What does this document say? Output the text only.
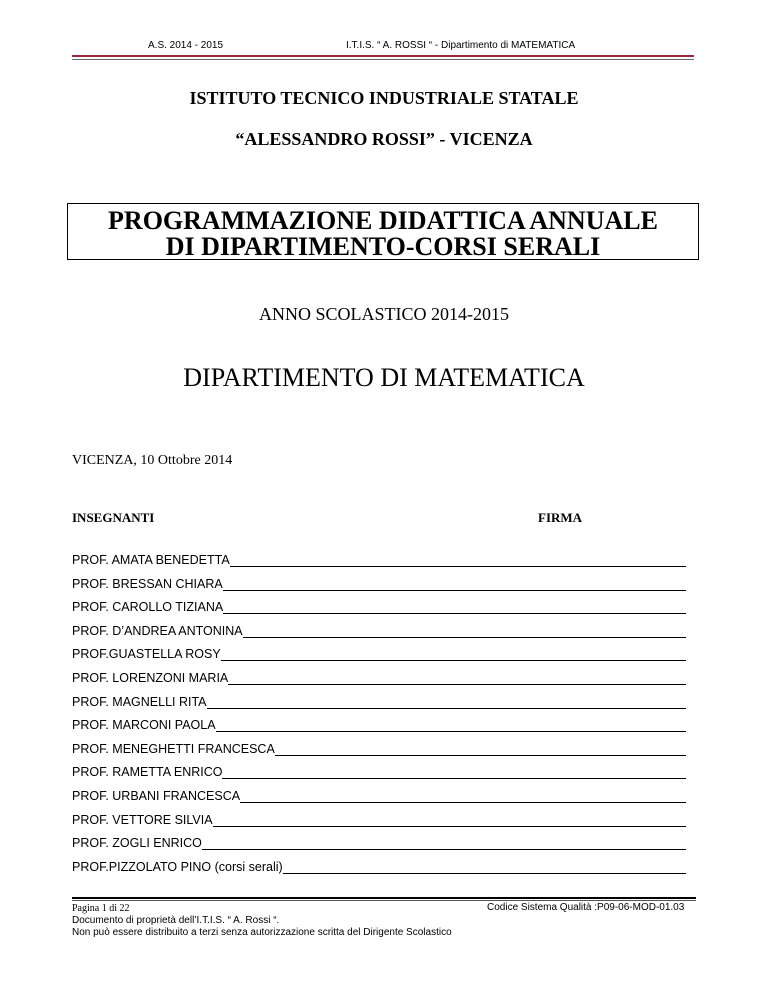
A.S. 2014 - 2015	I.T.I.S. “ A. ROSSI “ - Dipartimento di MATEMATICA
ISTITUTO TECNICO INDUSTRIALE STATALE
“ALESSANDRO ROSSI” - VICENZA
PROGRAMMAZIONE DIDATTICA ANNUALE
DI DIPARTIMENTO-CORSI SERALI
ANNO SCOLASTICO 2014-2015
DIPARTIMENTO DI MATEMATICA
VICENZA, 10 Ottobre 2014
INSEGNANTI	FIRMA
PROF. AMATA BENEDETTA
PROF. BRESSAN CHIARA
PROF. CAROLLO TIZIANA
PROF. D’ANDREA ANTONINA
PROF.GUASTELLA ROSY
PROF. LORENZONI MARIA
PROF. MAGNELLI RITA
PROF. MARCONI PAOLA
PROF. MENEGHETTI FRANCESCA
PROF. RAMETTA ENRICO
PROF. URBANI FRANCESCA
PROF. VETTORE SILVIA
PROF. ZOGLI ENRICO
PROF.PIZZOLATO PINO (corsi serali)
Pagina 1 di 22	Codice Sistema Qualità :P09-06-MOD-01.03
Documento di proprietà dell’I.T.I.S. “ A. Rossi “.
Non può essere distribuito a terzi senza autorizzazione scritta del Dirigente Scolastico
